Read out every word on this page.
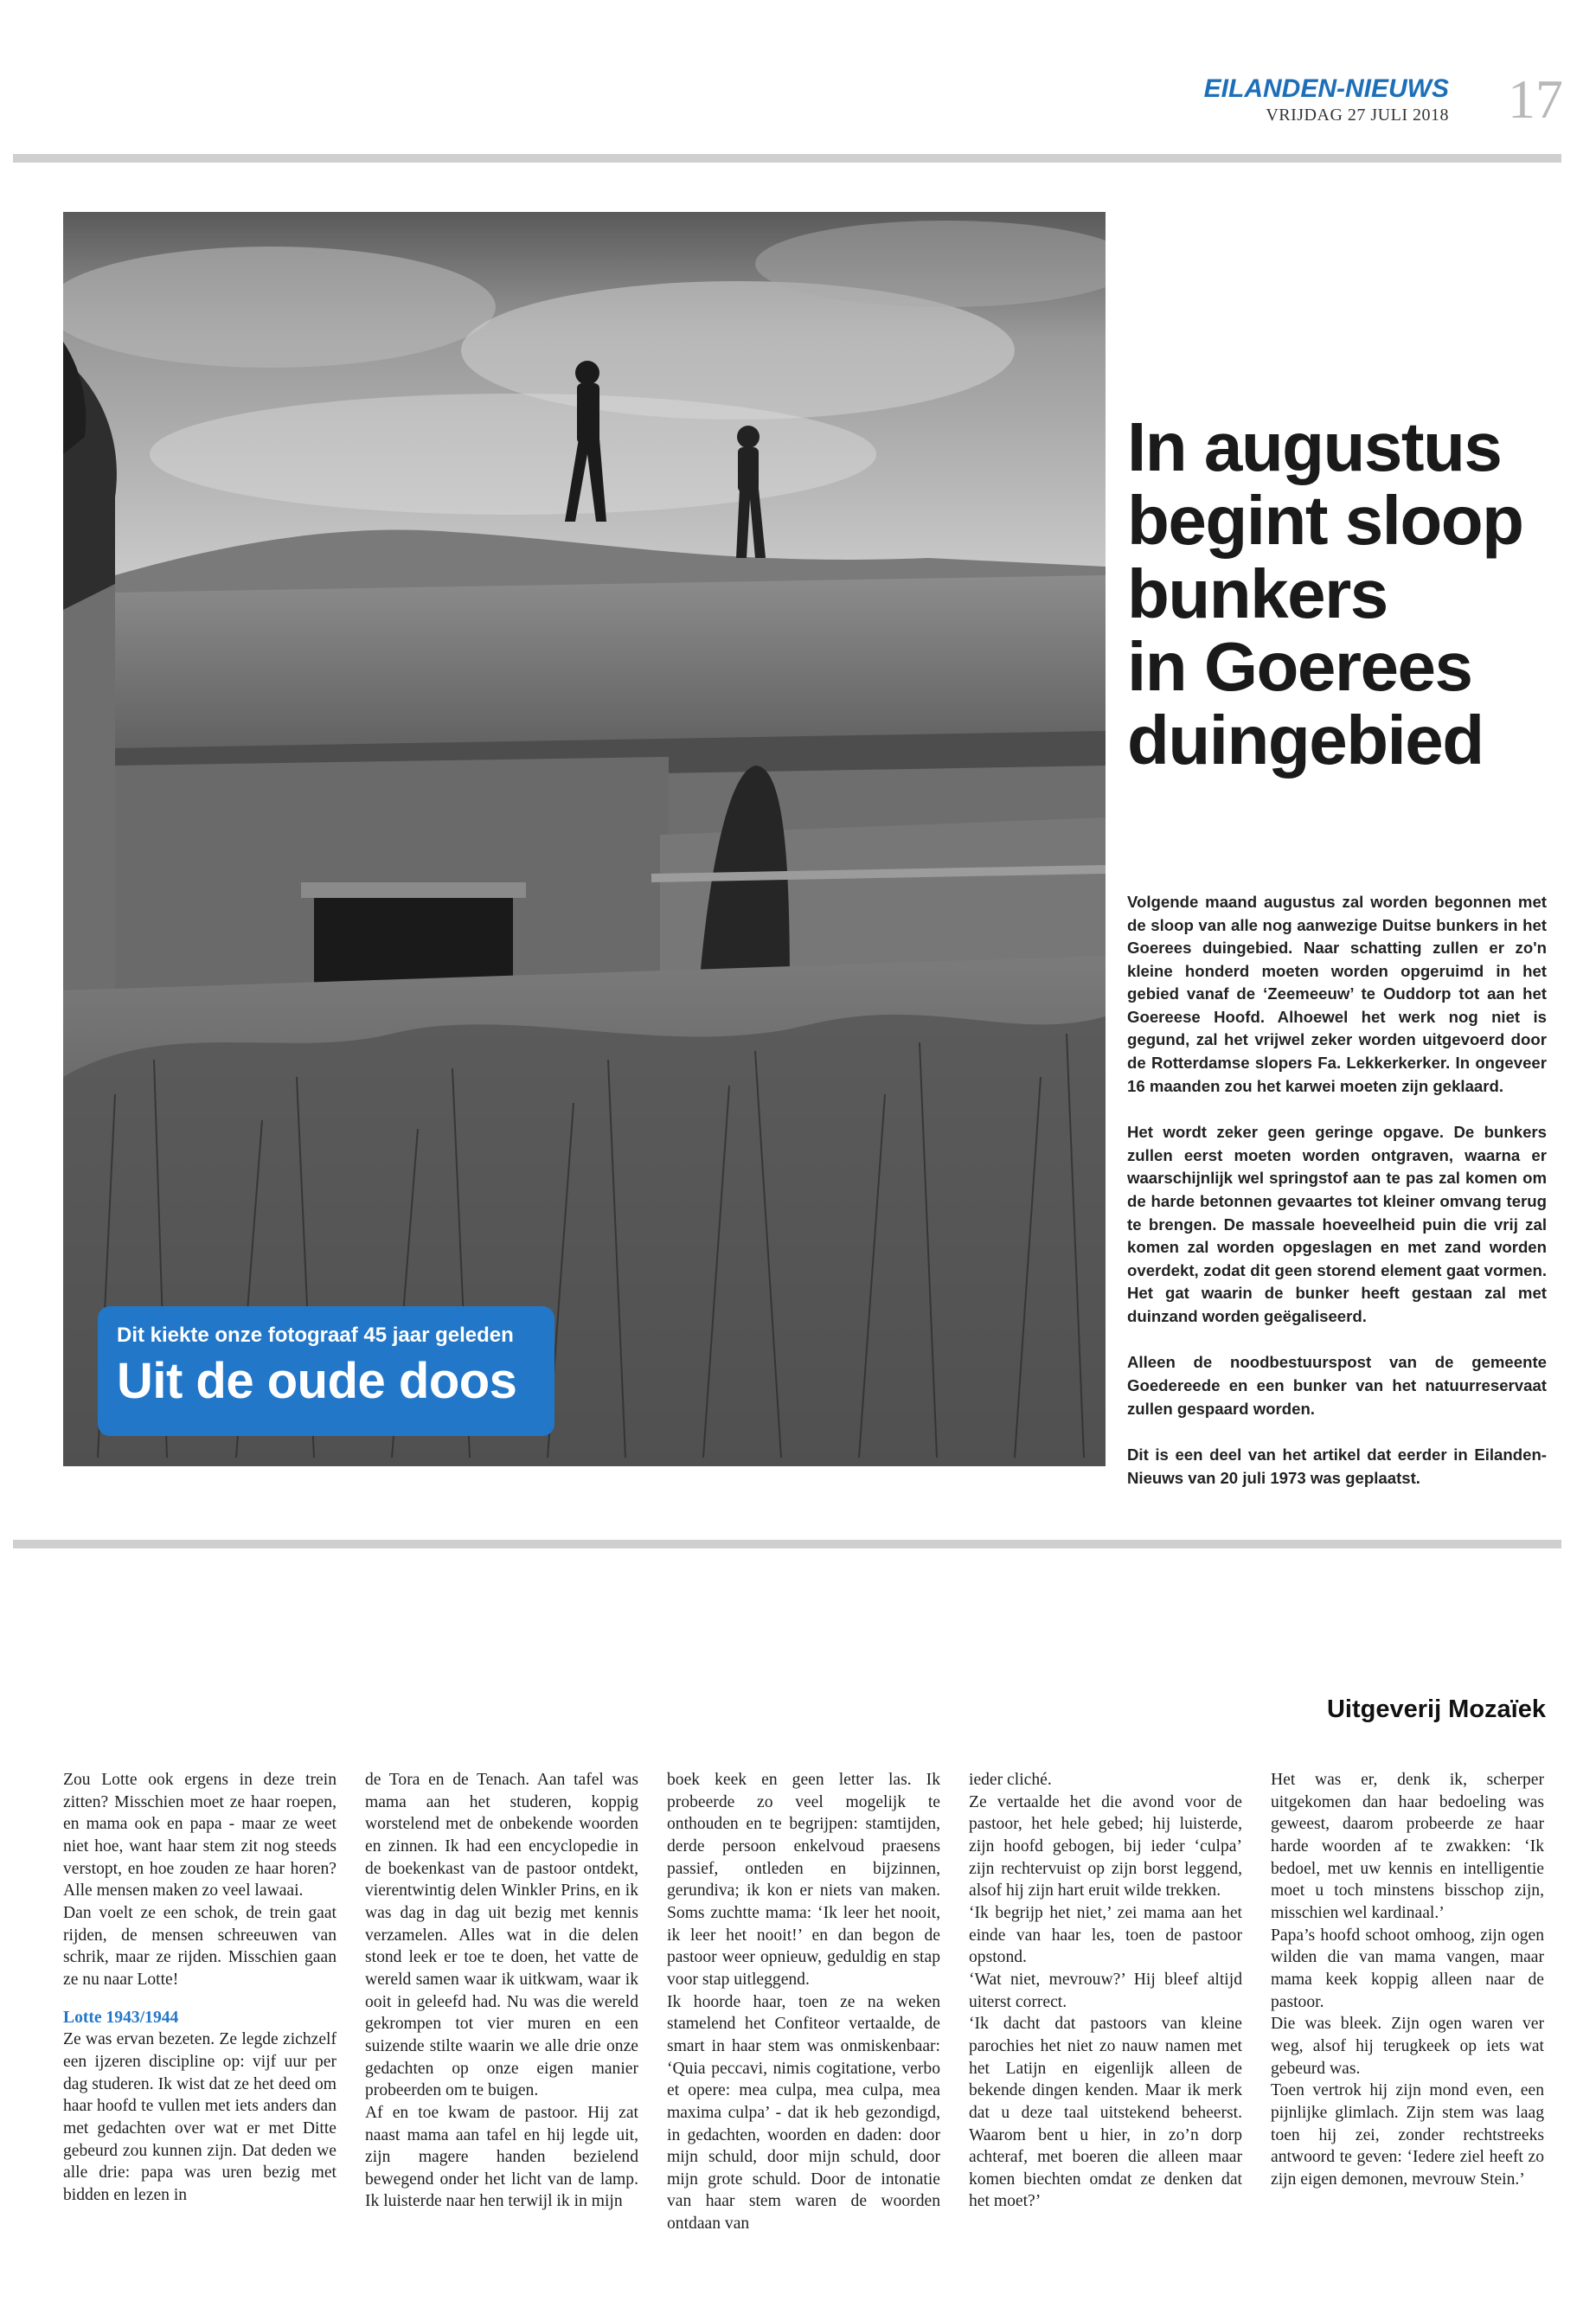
EILANDEN-NIEUWS
VRIJDAG 27 JULI 2018 17
Dit kiekte onze fotograaf 45 jaar geleden
Uit de oude doos
In augustus
begint sloop
bunkers
in Goerees
duingebied

Volgende maand augustus zal worden begonnen met de sloop van alle nog aanwezige Duitse bunkers in het Goerees duingebied. Naar schatting zullen er zo'n kleine honderd moeten worden opgeruimd in het gebied vanaf de ‘Zeemeeuw’ te Ouddorp tot aan het Goereese Hoofd. Alhoewel het werk nog niet is gegund, zal het vrijwel zeker worden uitgevoerd door de Rotterdamse slopers Fa. Lekkerkerker. In ongeveer 16 maanden zou het karwei moeten zijn geklaard.

Het wordt zeker geen geringe opgave. De bunkers zullen eerst moeten worden ontgraven, waarna er waarschijnlijk wel springstof aan te pas zal komen om de harde betonnen gevaartes tot kleiner omvang terug te brengen. De massale hoeveelheid puin die vrij zal komen zal worden opgeslagen en met zand worden overdekt, zodat dit geen storend element gaat vormen. Het gat waarin de bunker heeft gestaan zal met duinzand worden geëgaliseerd.

Alleen de noodbestuurspost van de gemeente Goedereede en een bunker van het natuurreservaat zullen gespaard worden.

Dit is een deel van het artikel dat eerder in Eilanden-Nieuws van 20 juli 1973 was geplaatst.

Uitgeverij Mozaïek

Zou Lotte ook ergens in deze trein zitten? Misschien moet ze haar roepen, en mama ook en papa - maar ze weet niet hoe, want haar stem zit nog steeds verstopt, en hoe zouden ze haar horen? Alle mensen maken zo veel lawaai.

Dan voelt ze een schok, de trein gaat rijden, de mensen schreeuwen van schrik, maar ze rijden. Misschien gaan ze nu naar Lotte!

Lotte 1943/1944

Ze was ervan bezeten. Ze legde zichzelf een ijzeren discipline op: vijf uur per dag studeren. Ik wist dat ze het deed om haar hoofd te vullen met iets anders dan met gedachten over wat er met Ditte gebeurd zou kunnen zijn. Dat deden we alle drie: papa was uren bezig met bidden en lezen in

de Tora en de Tenach. Aan tafel was mama aan het studeren, koppig worstelend met de onbekende woorden en zinnen. Ik had een encyclopedie in de boekenkast van de pastoor ontdekt, vierentwintig delen Winkler Prins, en ik was dag in dag uit bezig met kennis verzamelen. Alles wat in die delen stond leek er toe te doen, het vatte de wereld samen waar ik uitkwam, waar ik ooit in geleefd had. Nu was die wereld gekrompen tot vier muren en een suizende stilte waarin we alle drie onze gedachten op onze eigen manier probeerden om te buigen.

Af en toe kwam de pastoor. Hij zat naast mama aan tafel en hij legde uit, zijn magere handen bezielend bewegend onder het licht van de lamp. Ik luisterde naar hen terwijl ik in mijn

boek keek en geen letter las. Ik probeerde zo veel mogelijk te onthouden en te begrijpen: stamtijden, derde persoon enkelvoud praesens passief, ontleden en bijzinnen, gerundiva; ik kon er niets van maken. Soms zuchtte mama: ‘Ik leer het nooit, ik leer het nooit!’ en dan begon de pastoor weer opnieuw, geduldig en stap voor stap uitleggend.

Ik hoorde haar, toen ze na weken stamelend het Confiteor vertaalde, de smart in haar stem was onmiskenbaar: ‘Quia peccavi, nimis cogitatione, verbo et opere: mea culpa, mea culpa, mea maxima culpa’ - dat ik heb gezondigd, in gedachten, woorden en daden: door mijn schuld, door mijn schuld, door mijn grote schuld. Door de intonatie van haar stem waren de woorden ontdaan van

ieder cliché.

Ze vertaalde het die avond voor de pastoor, het hele gebed; hij luisterde, zijn hoofd gebogen, bij ieder ‘culpa’ zijn rechtervuist op zijn borst leggend, alsof hij zijn hart eruit wilde trekken.

‘Ik begrijp het niet,’ zei mama aan het einde van haar les, toen de pastoor opstond.

‘Wat niet, mevrouw?’ Hij bleef altijd uiterst correct.

‘Ik dacht dat pastoors van kleine parochies het niet zo nauw namen met het Latijn en eigenlijk alleen de bekende dingen kenden. Maar ik merk dat u deze taal uitstekend beheerst. Waarom bent u hier, in zo’n dorp achteraf, met boeren die alleen maar komen biechten omdat ze denken dat het moet?’

Het was er, denk ik, scherper uitgekomen dan haar bedoeling was geweest, daarom probeerde ze haar harde woorden af te zwakken: ‘Ik bedoel, met uw kennis en intelligentie moet u toch minstens bisschop zijn, misschien wel kardinaal.’

Papa’s hoofd schoot omhoog, zijn ogen wilden die van mama vangen, maar mama keek koppig alleen naar de pastoor.

Die was bleek. Zijn ogen waren ver weg, alsof hij terugkeek op iets wat gebeurd was.

Toen vertrok hij zijn mond even, een pijnlijke glimlach. Zijn stem was laag toen hij zei, zonder rechtstreeks antwoord te geven: ‘Iedere ziel heeft zo zijn eigen demonen, mevrouw Stein.’
